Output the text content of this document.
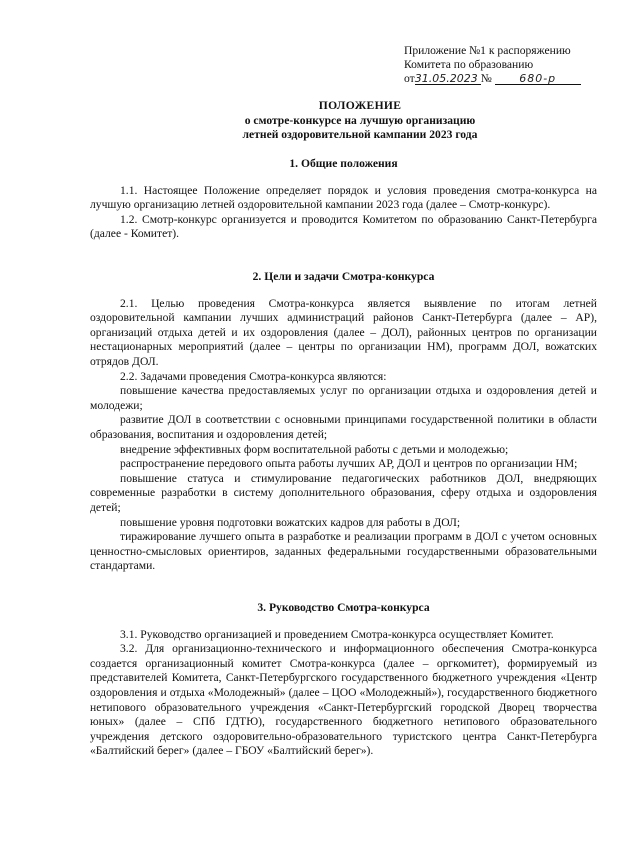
Приложение №1 к распоряжению
Комитета по образованию
от31.05.2023 № 680-р
ПОЛОЖЕНИЕ
о смотре-конкурсе на лучшую организацию
летней оздоровительной кампании 2023 года
1. Общие положения

1.1. Настоящее Положение определяет порядок и условия проведения смотра-конкурса на лучшую организацию летней оздоровительной кампании 2023 года (далее – Смотр-конкурс).

1.2. Смотр-конкурс организуется и проводится Комитетом по образованию Санкт-Петербурга (далее - Комитет).

2. Цели и задачи Смотра-конкурса

2.1. Целью проведения Смотра-конкурса является выявление по итогам летней оздоровительной кампании лучших администраций районов Санкт-Петербурга (далее – АР), организаций отдыха детей и их оздоровления (далее – ДОЛ), районных центров по организации нестационарных мероприятий (далее – центры по организации НМ), программ ДОЛ, вожатских отрядов ДОЛ.

2.2. Задачами проведения Смотра-конкурса являются:

повышение качества предоставляемых услуг по организации отдыха и оздоровления детей и молодежи;

развитие ДОЛ в соответствии с основными принципами государственной политики в области образования, воспитания и оздоровления детей;

внедрение эффективных форм воспитательной работы с детьми и молодежью;

распространение передового опыта работы лучших АР, ДОЛ и центров по организации НМ;

повышение статуса и стимулирование педагогических работников ДОЛ, внедряющих современные разработки в систему дополнительного образования, сферу отдыха и оздоровления детей;

повышение уровня подготовки вожатских кадров для работы в ДОЛ;

тиражирование лучшего опыта в разработке и реализации программ в ДОЛ с учетом основных ценностно-смысловых ориентиров, заданных федеральными государственными образовательными стандартами.

3. Руководство Смотра-конкурса

3.1. Руководство организацией и проведением Смотра-конкурса осуществляет Комитет.

3.2. Для организационно-технического и информационного обеспечения Смотра-конкурса создается организационный комитет Смотра-конкурса (далее – оргкомитет), формируемый из представителей Комитета, Санкт-Петербургского государственного бюджетного учреждения «Центр оздоровления и отдыха «Молодежный» (далее – ЦОО «Молодежный»), государственного бюджетного нетипового образовательного учреждения «Санкт-Петербургский городской Дворец творчества юных» (далее – СПб ГДТЮ), государственного бюджетного нетипового образовательного учреждения детского оздоровительно-образовательного туристского центра Санкт-Петербурга «Балтийский берег» (далее – ГБОУ «Балтийский берег»).
